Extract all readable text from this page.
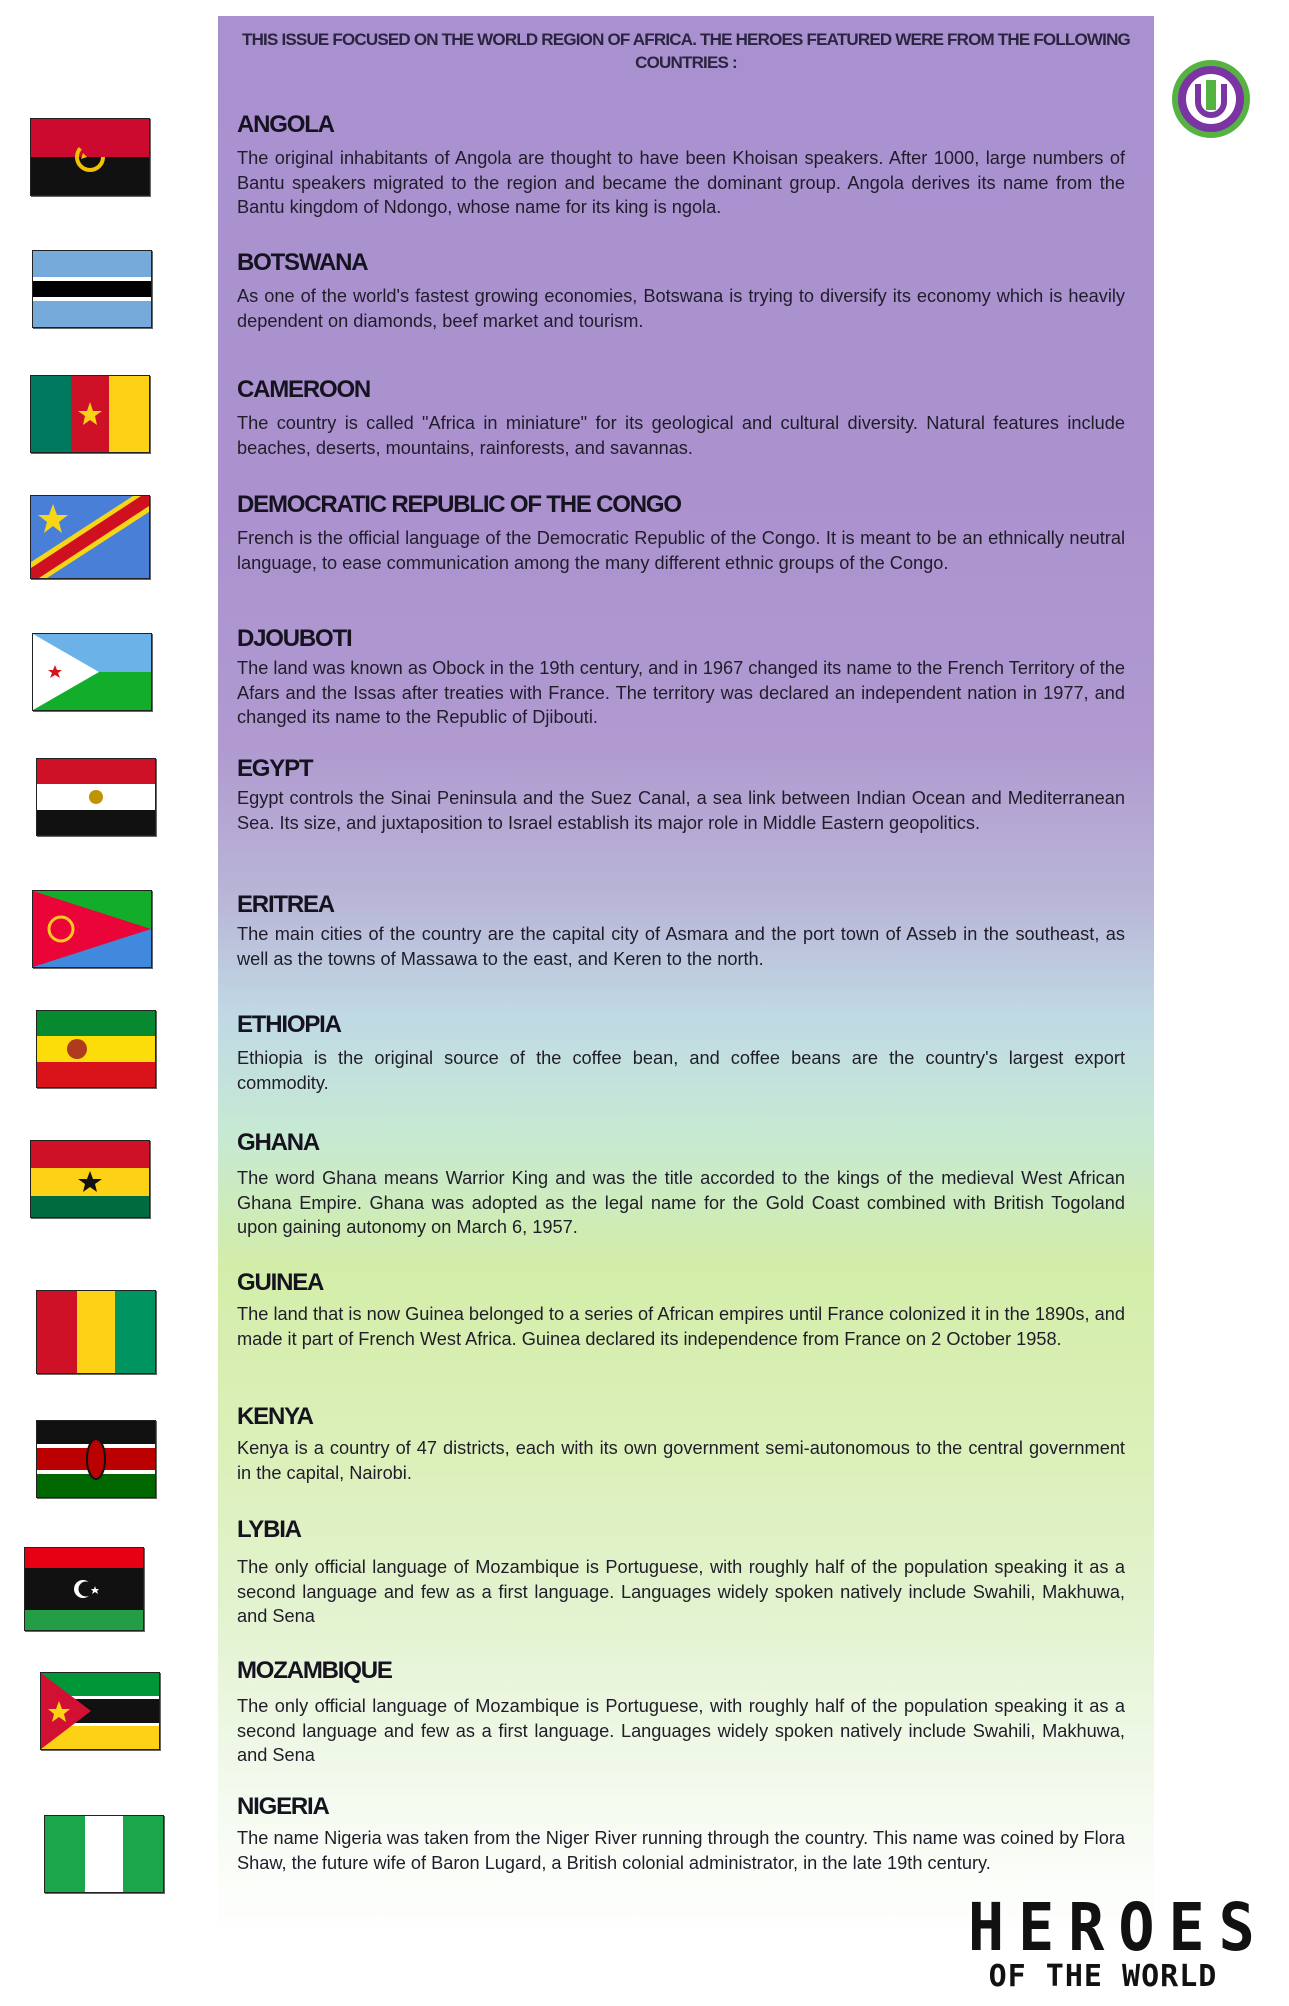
THIS ISSUE FOCUSED ON THE WORLD REGION OF AFRICA. THE HEROES FEATURED WERE FROM THE FOLLOWING COUNTRIES :
ANGOLA

The original inhabitants of Angola are thought to have been Khoisan speakers. After 1000, large numbers of Bantu speakers migrated to the region and became the dominant group. Angola derives its name from the Bantu kingdom of Ndongo, whose name for its king is ngola.

BOTSWANA

As one of the world's fastest growing economies, Botswana is trying to diversify its economy which is heavily dependent on diamonds, beef market and tourism.

CAMEROON

The country is called "Africa in miniature" for its geological and cultural diversity. Natural features include beaches, deserts, mountains, rainforests, and savannas.

DEMOCRATIC REPUBLIC OF THE CONGO

French is the official language of the Democratic Republic of the Congo. It is meant to be an ethnically neutral language, to ease communication among the many different ethnic groups of the Congo.

DJOUBOTI

The land was known as Obock in the 19th century, and in 1967 changed its name to the French Territory of the Afars and the Issas after treaties with France. The territory was declared an independent nation in 1977, and changed its name to the Republic of Djibouti.

EGYPT

Egypt controls the Sinai Peninsula and the Suez Canal, a sea link between Indian Ocean and Mediterranean Sea. Its size, and juxtaposition to Israel establish its major role in Middle Eastern geopolitics.

ERITREA

The main cities of the country are the capital city of Asmara and the port town of Asseb in the southeast, as well as the towns of Massawa to the east, and Keren to the north.

ETHIOPIA

Ethiopia is the original source of the coffee bean, and coffee beans are the country's largest export commodity.

GHANA

The word Ghana means Warrior King and was the title accorded to the kings of the medieval West African Ghana Empire. Ghana was adopted as the legal name for the Gold Coast combined with British Togoland upon gaining autonomy on March 6, 1957.

GUINEA

The land that is now Guinea belonged to a series of African empires until France colonized it in the 1890s, and made it part of French West Africa. Guinea declared its independence from France on 2 October 1958.

KENYA

Kenya is a country of 47 districts, each with its own government semi-autonomous to the central government in the capital, Nairobi.

LYBIA

The only official language of Mozambique is Portuguese, with roughly half of the population speaking it as a second language and few as a first language. Languages widely spoken natively include Swahili, Makhuwa, and Sena

MOZAMBIQUE

The only official language of Mozambique is Portuguese, with roughly half of the population speaking it as a second language and few as a first language. Languages widely spoken natively include Swahili, Makhuwa, and Sena

NIGERIA

The name Nigeria was taken from the Niger River running through the country. This name was coined by Flora Shaw, the future wife of Baron Lugard, a British colonial administrator, in the late 19th century.

HEROES
OF THE WORLD
